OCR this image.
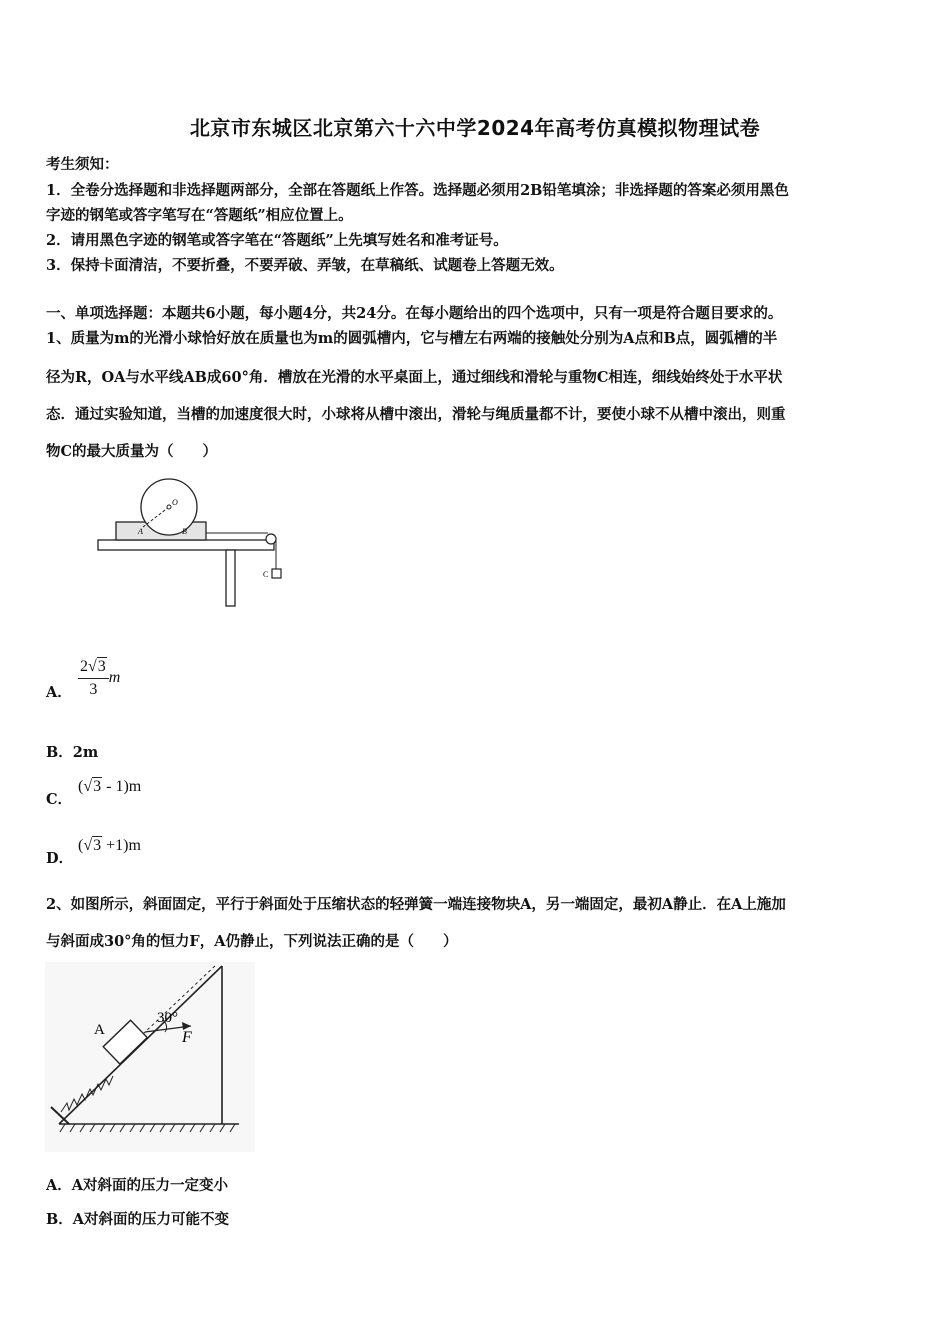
北京市东城区北京第六十六中学2024年高考仿真模拟物理试卷
考生须知：
1．全卷分选择题和非选择题两部分，全部在答题纸上作答。选择题必须用2B铅笔填涂；非选择题的答案必须用黑色
字迹的钢笔或答字笔写在“答题纸”相应位置上。
2．请用黑色字迹的钢笔或答字笔在“答题纸”上先填写姓名和准考证号。
3．保持卡面清洁，不要折叠，不要弄破、弄皱，在草稿纸、试题卷上答题无效。
一、单项选择题：本题共6小题，每小题4分，共24分。在每小题给出的四个选项中，只有一项是符合题目要求的。
1、质量为m的光滑小球恰好放在质量也为m的圆弧槽内，它与槽左右两端的接触处分别为A点和B点，圆弧槽的半
径为R，OA与水平线AB成60°角．槽放在光滑的水平桌面上，通过细线和滑轮与重物C相连，细线始终处于水平状
态．通过实验知道，当槽的加速度很大时，小球将从槽中滚出，滑轮与绳质量都不计，要使小球不从槽中滚出，则重
物C的最大质量为（　　）
O
A	B
C
A． $\frac{2√3}{3}$ m
B．2m
C．
(√3 - 1)m
D．
(√3 +1)m
2、如图所示，斜面固定，平行于斜面处于压缩状态的轻弹簧一端连接物块A，另一端固定，最初A静止．在A上施加
与斜面成30°角的恒力F，A仍静止，下列说法正确的是（　　）
A
30°
F
A．A对斜面的压力一定变小
B．A对斜面的压力可能不变
